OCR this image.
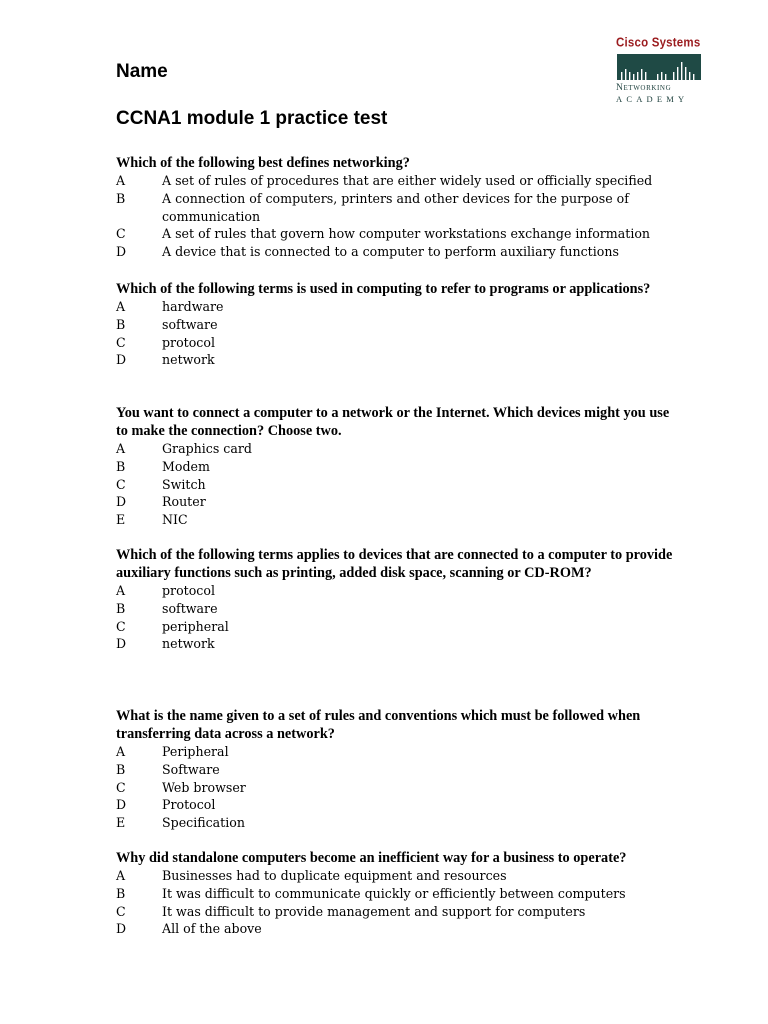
Cisco Systems
Networking
ACADEMY
Name
CCNA1 module 1 practice test

Which of the following best defines networking?

A	A set of rules of procedures that are either widely used or officially specified
B	A connection of computers, printers and other devices for the purpose of communication
C	A set of rules that govern how computer workstations exchange information
D	A device that is connected to a computer to perform auxiliary functions

Which of the following terms is used in computing to refer to programs or applications?

A	hardware
B	software
C	protocol
D	network

You want to connect a computer to a network or the Internet. Which devices might you use to make the connection? Choose two.

A	Graphics card
B	Modem
C	Switch
D	Router
E	NIC

Which of the following terms applies to devices that are connected to a computer to provide auxiliary functions such as printing, added disk space, scanning or CD-ROM?

A	protocol
B	software
C	peripheral
D	network

What is the name given to a set of rules and conventions which must be followed when transferring data across a network?

A	Peripheral
B	Software
C	Web browser
D	Protocol
E	Specification

Why did standalone computers become an inefficient way for a business to operate?

A	Businesses had to duplicate equipment and resources
B	It was difficult to communicate quickly or efficiently between computers
C	It was difficult to provide management and support for computers
D	All of the above
